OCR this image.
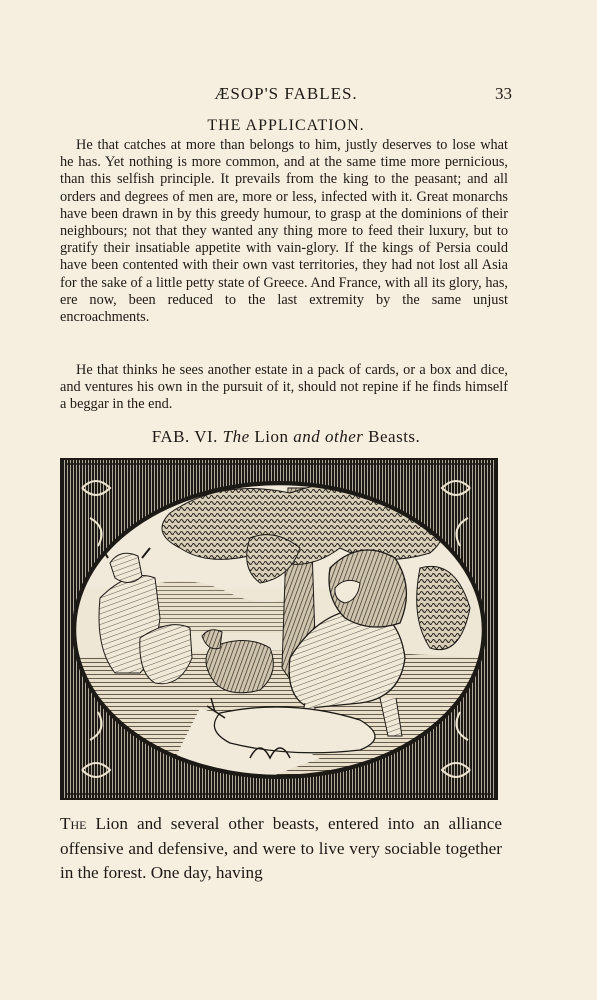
ÆSOP'S FABLES.	33
THE APPLICATION.

He that catches at more than belongs to him, justly deserves to lose what he has. Yet nothing is more common, and at the same time more pernicious, than this selfish principle. It prevails from the king to the peasant; and all orders and degrees of men are, more or less, infected with it. Great monarchs have been drawn in by this greedy humour, to grasp at the dominions of their neighbours; not that they wanted any thing more to feed their luxury, but to gratify their insatiable appetite with vain-glory. If the kings of Persia could have been contented with their own vast territories, they had not lost all Asia for the sake of a little petty state of Greece. And France, with all its glory, has, ere now, been reduced to the last extremity by the same unjust encroachments.

He that thinks he sees another estate in a pack of cards, or a box and dice, and ventures his own in the pursuit of it, should not repine if he finds himself a beggar in the end.

FAB. VI. The Lion and other Beasts.

The Lion and several other beasts, entered into an alliance offensive and defensive, and were to live very sociable together in the forest. One day, having
